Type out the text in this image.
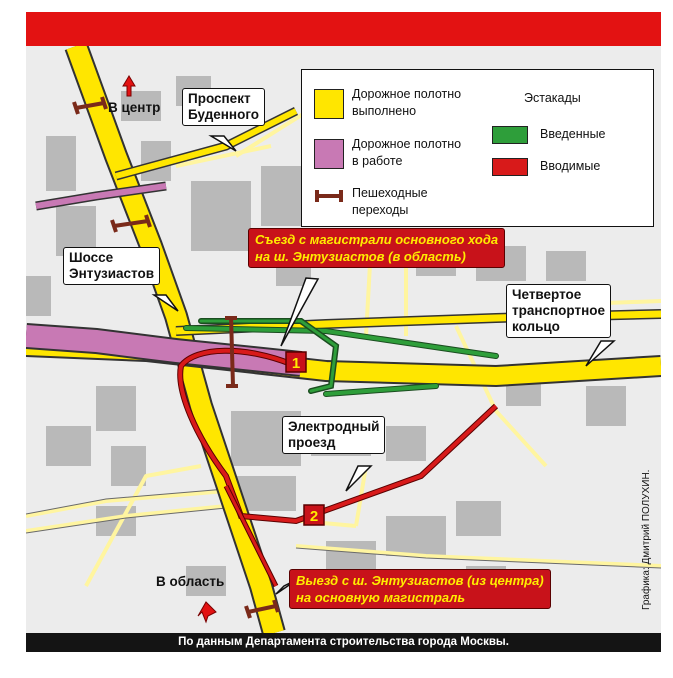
1
2
В центр
Проспект
Буденного
Шоссе
Энтузиастов
Четвертое
транспортное
кольцо
Электродный
проезд
В область
Съезд с магистрали основного хода
на ш. Энтузиастов (в область)
Выезд с ш. Энтузиастов (из центра)
на основную магистраль
Дорожное полотно
выполнено
Дорожное полотно
в работе
Пешеходные
переходы
Эстакады
Введенные
Вводимые
Графика: Дмитрий ПОЛУХИН.
По данным Департамента строительства города Москвы.
